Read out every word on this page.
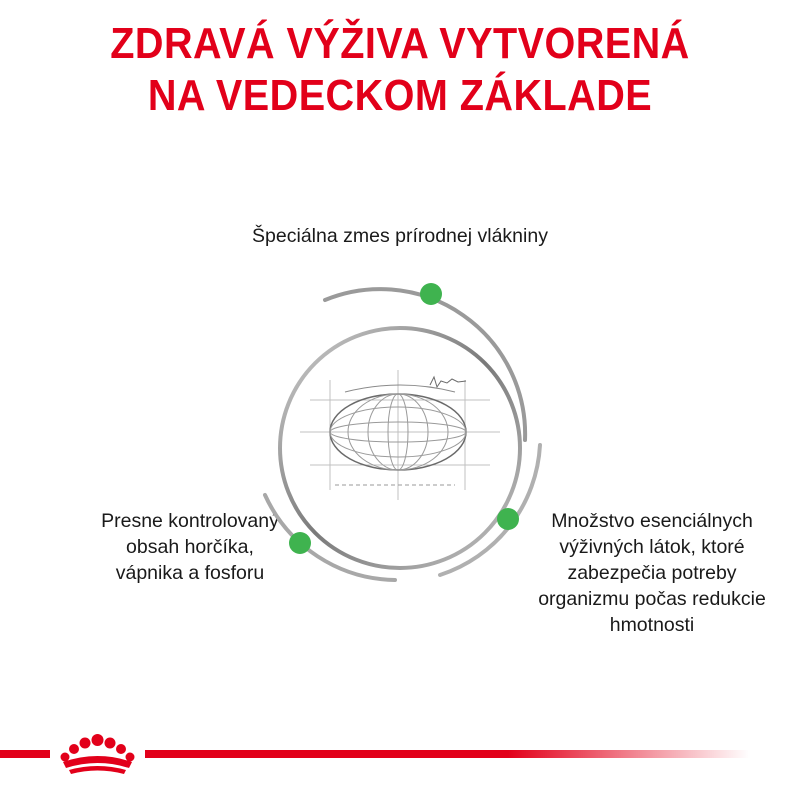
ZDRAVÁ VÝŽIVA VYTVORENÁ
NA VEDECKOM ZÁKLADE
Špeciálna zmes prírodnej vlákniny
Presne kontrolovaný obsah horčíka, vápnika a fosforu
Množstvo esenciálnych výživných látok, ktoré zabezpečia potreby organizmu počas redukcie hmotnosti
